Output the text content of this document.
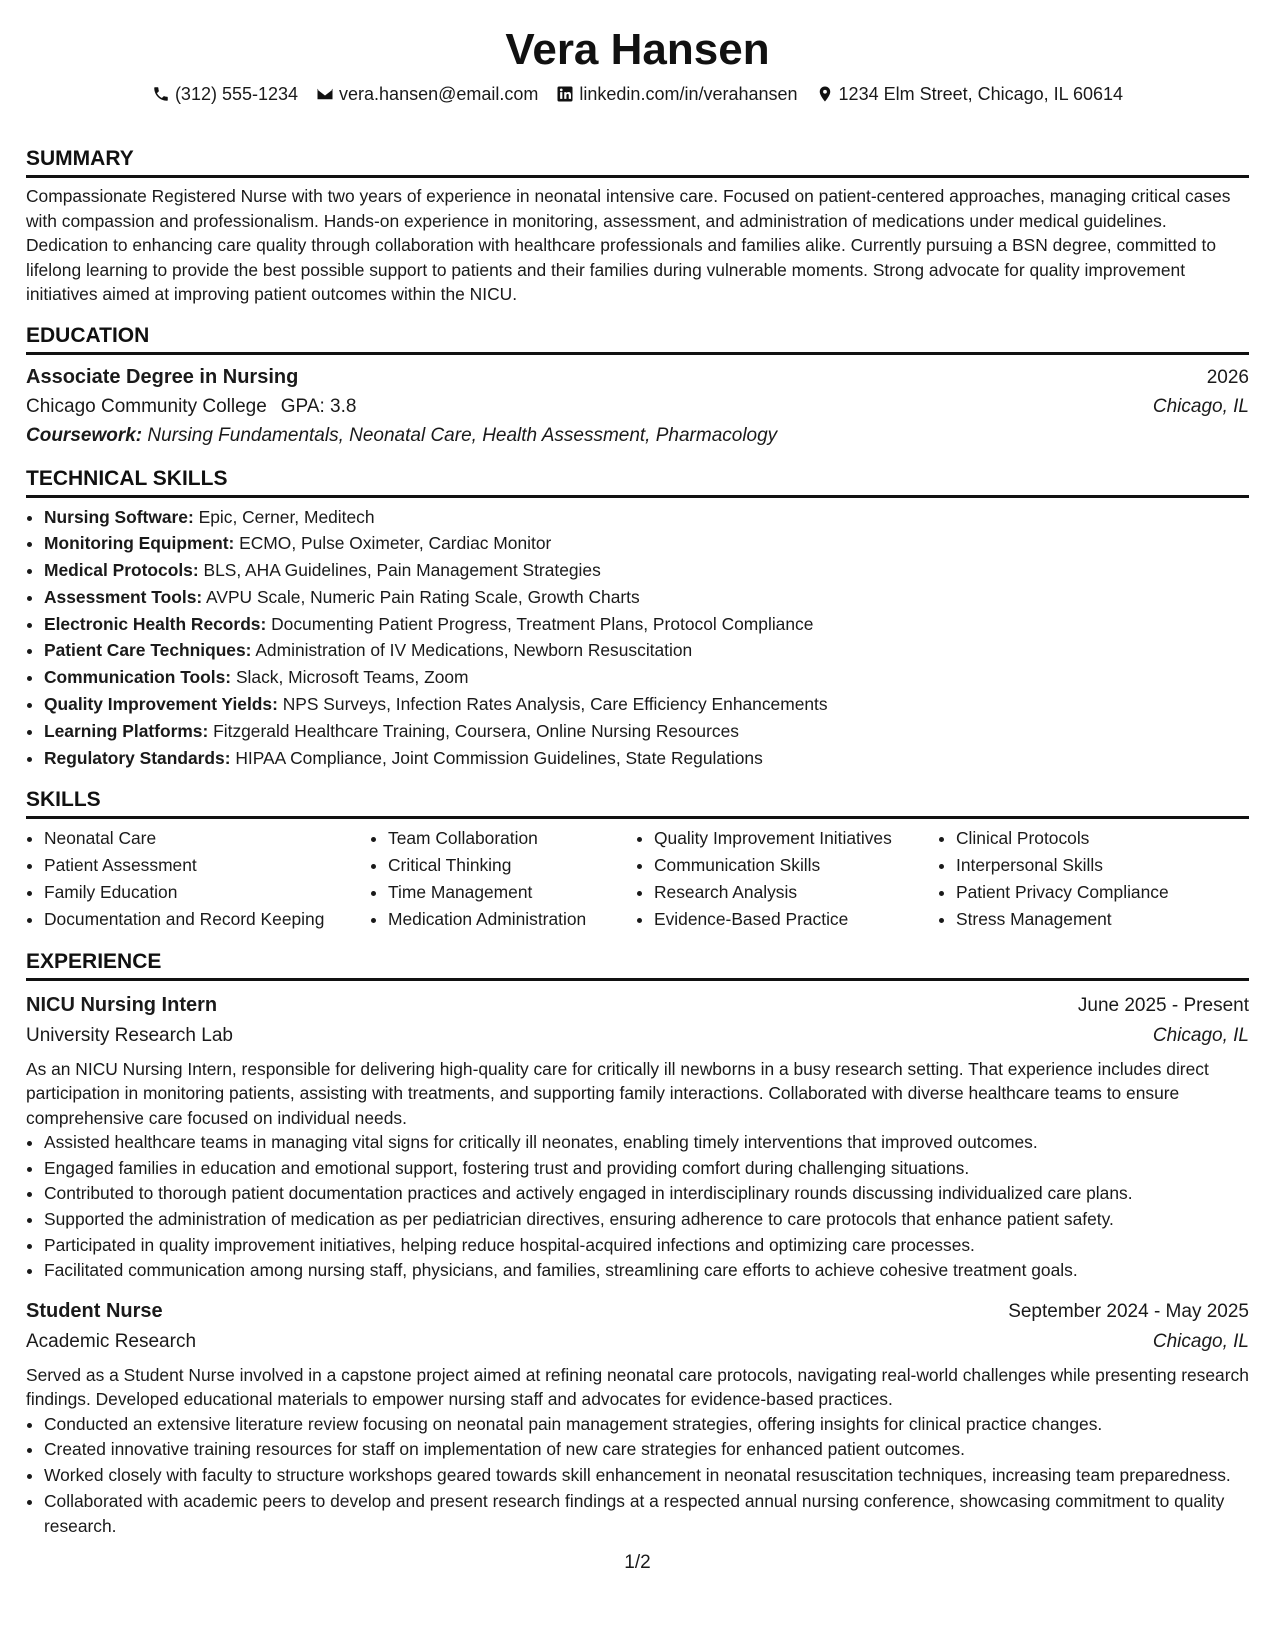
Vera Hansen
(312) 555-1234 vera.hansen@email.com linkedin.com/in/verahansen 1234 Elm Street, Chicago, IL 60614
SUMMARY

Compassionate Registered Nurse with two years of experience in neonatal intensive care. Focused on patient-centered approaches, managing critical cases with compassion and professionalism. Hands-on experience in monitoring, assessment, and administration of medications under medical guidelines. Dedication to enhancing care quality through collaboration with healthcare professionals and families alike. Currently pursuing a BSN degree, committed to lifelong learning to provide the best possible support to patients and their families during vulnerable moments. Strong advocate for quality improvement initiatives aimed at improving patient outcomes within the NICU.

EDUCATION
Associate Degree in Nursing	2026
Chicago Community College GPA: 3.8	Chicago, IL
Coursework: Nursing Fundamentals, Neonatal Care, Health Assessment, Pharmacology
TECHNICAL SKILLS
• Nursing Software: Epic, Cerner, Meditech
• Monitoring Equipment: ECMO, Pulse Oximeter, Cardiac Monitor
• Medical Protocols: BLS, AHA Guidelines, Pain Management Strategies
• Assessment Tools: AVPU Scale, Numeric Pain Rating Scale, Growth Charts
• Electronic Health Records: Documenting Patient Progress, Treatment Plans, Protocol Compliance
• Patient Care Techniques: Administration of IV Medications, Newborn Resuscitation
• Communication Tools: Slack, Microsoft Teams, Zoom
• Quality Improvement Yields: NPS Surveys, Infection Rates Analysis, Care Efficiency Enhancements
• Learning Platforms: Fitzgerald Healthcare Training, Coursera, Online Nursing Resources
• Regulatory Standards: HIPAA Compliance, Joint Commission Guidelines, State Regulations
SKILLS
• Neonatal Care
• Patient Assessment
• Family Education
• Documentation and Record Keeping
• Team Collaboration
• Critical Thinking
• Time Management
• Medication Administration
• Quality Improvement Initiatives
• Communication Skills
• Research Analysis
• Evidence-Based Practice
• Clinical Protocols
• Interpersonal Skills
• Patient Privacy Compliance
• Stress Management
EXPERIENCE
NICU Nursing Intern	June 2025 - Present
University Research Lab	Chicago, IL

As an NICU Nursing Intern, responsible for delivering high-quality care for critically ill newborns in a busy research setting. That experience includes direct participation in monitoring patients, assisting with treatments, and supporting family interactions. Collaborated with diverse healthcare teams to ensure comprehensive care focused on individual needs.

• Assisted healthcare teams in managing vital signs for critically ill neonates, enabling timely interventions that improved outcomes.
• Engaged families in education and emotional support, fostering trust and providing comfort during challenging situations.
• Contributed to thorough patient documentation practices and actively engaged in interdisciplinary rounds discussing individualized care plans.
• Supported the administration of medication as per pediatrician directives, ensuring adherence to care protocols that enhance patient safety.
• Participated in quality improvement initiatives, helping reduce hospital-acquired infections and optimizing care processes.
• Facilitated communication among nursing staff, physicians, and families, streamlining care efforts to achieve cohesive treatment goals.
Student Nurse	September 2024 - May 2025
Academic Research	Chicago, IL

Served as a Student Nurse involved in a capstone project aimed at refining neonatal care protocols, navigating real-world challenges while presenting research findings. Developed educational materials to empower nursing staff and advocates for evidence-based practices.

• Conducted an extensive literature review focusing on neonatal pain management strategies, offering insights for clinical practice changes.
• Created innovative training resources for staff on implementation of new care strategies for enhanced patient outcomes.
• Worked closely with faculty to structure workshops geared towards skill enhancement in neonatal resuscitation techniques, increasing team preparedness.
• Collaborated with academic peers to develop and present research findings at a respected annual nursing conference, showcasing commitment to quality research.
1/2
